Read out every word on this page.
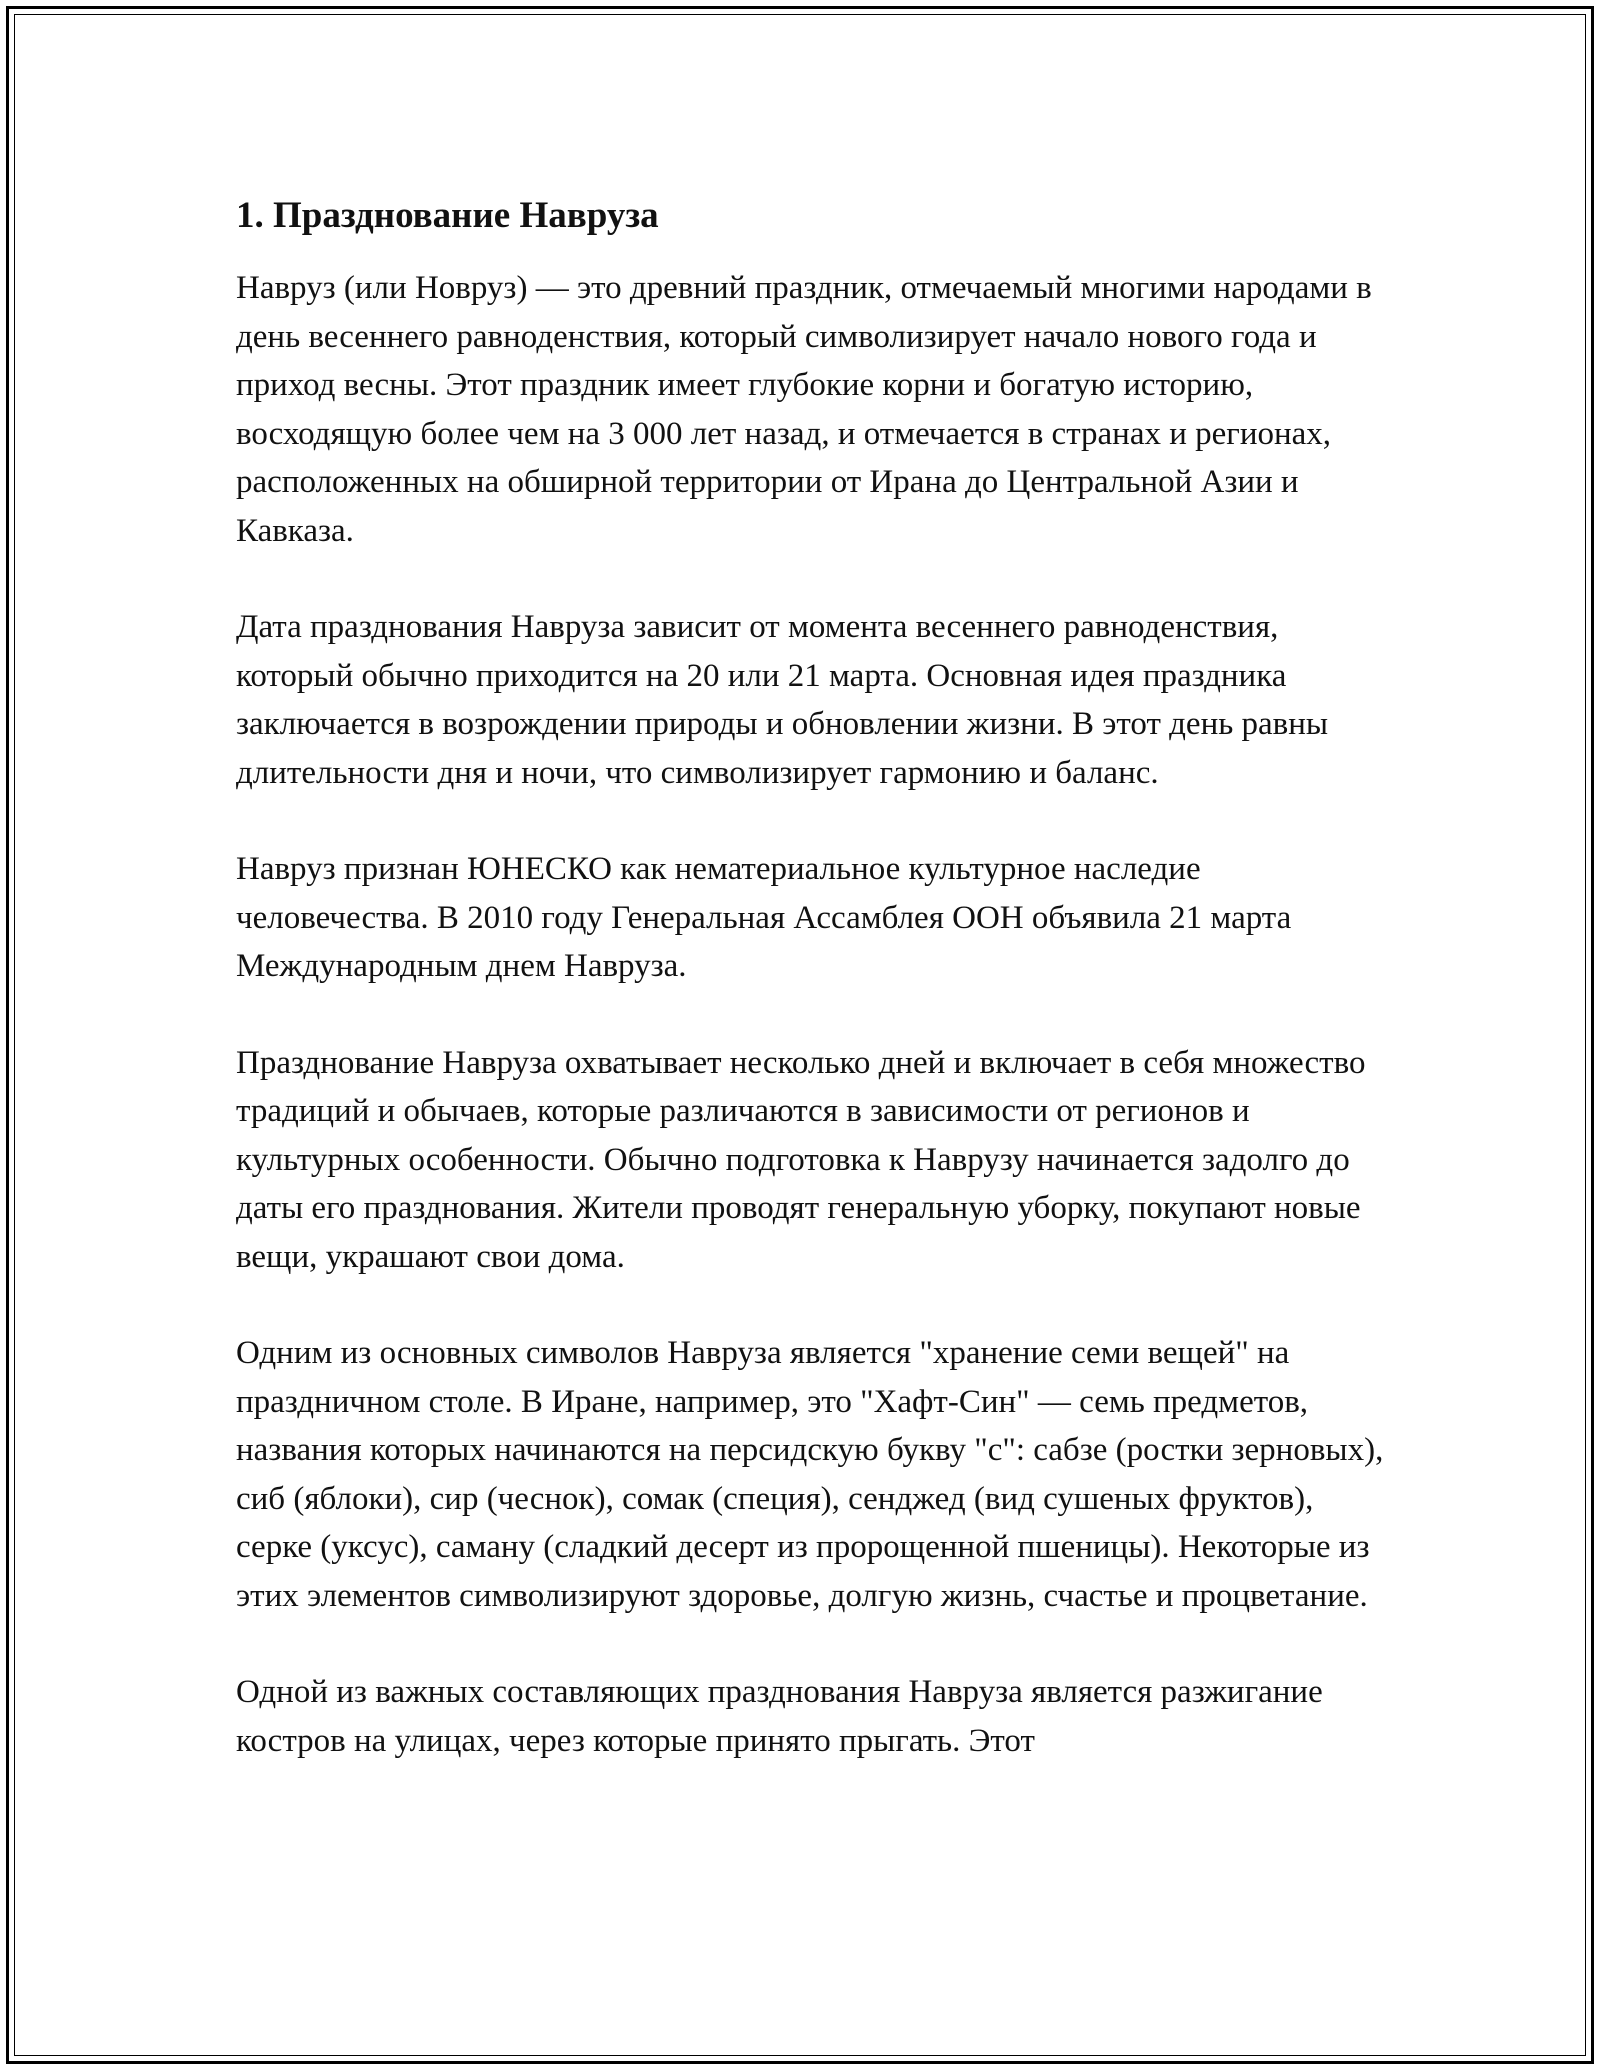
1. Празднование Навруза

Навруз (или Новруз) — это древний праздник, отмечаемый многими народами в день весеннего равноденствия, который символизирует начало нового года и приход весны. Этот праздник имеет глубокие корни и богатую историю, восходящую более чем на 3 000 лет назад, и отмечается в странах и регионах, расположенных на обширной территории от Ирана до Центральной Азии и Кавказа.

Дата празднования Навруза зависит от момента весеннего равноденствия, который обычно приходится на 20 или 21 марта. Основная идея праздника заключается в возрождении природы и обновлении жизни. В этот день равны длительности дня и ночи, что символизирует гармонию и баланс.

Навруз признан ЮНЕСКО как нематериальное культурное наследие человечества. В 2010 году Генеральная Ассамблея ООН объявила 21 марта Международным днем Навруза.

Празднование Навруза охватывает несколько дней и включает в себя множество традиций и обычаев, которые различаются в зависимости от регионов и культурных особенности. Обычно подготовка к Наврузу начинается задолго до даты его празднования. Жители проводят генеральную уборку, покупают новые вещи, украшают свои дома.

Одним из основных символов Навруза является "хранение семи вещей" на праздничном столе. В Иране, например, это "Хафт-Син" — семь предметов, названия которых начинаются на персидскую букву "с": сабзе (ростки зерновых), сиб (яблоки), сир (чеснок), сомак (специя), сенджед (вид сушеных фруктов), серке (уксус), саману (сладкий десерт из пророщенной пшеницы). Некоторые из этих элементов символизируют здоровье, долгую жизнь, счастье и процветание.

Одной из важных составляющих празднования Навруза является разжигание костров на улицах, через которые принято прыгать. Этот
